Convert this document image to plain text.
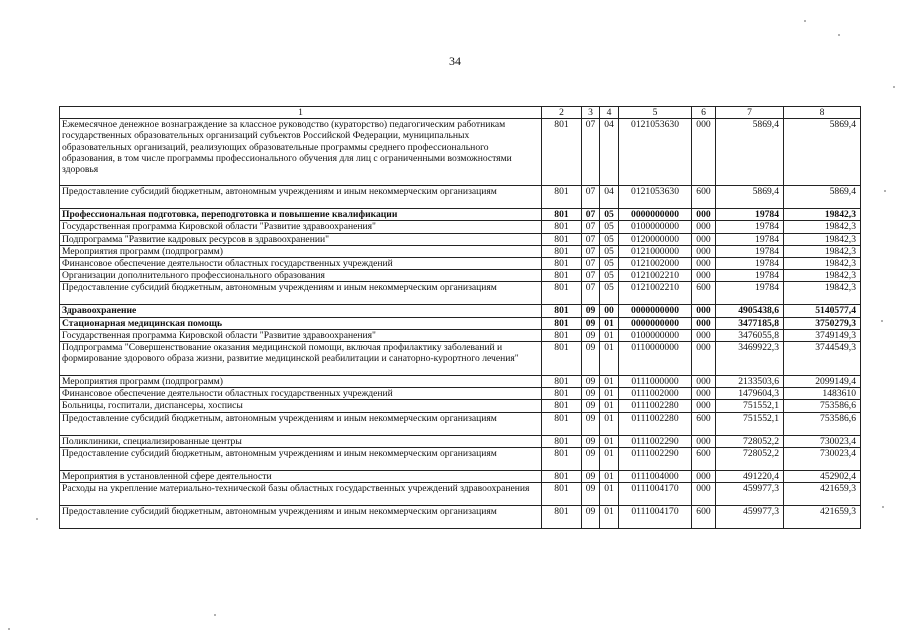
34
1	2	3	4	5	6	7	8
Ежемесячное денежное вознаграждение за классное руководство (кураторство) педагогическим работникам государственных образовательных организаций субъектов Российской Федерации, муниципальных образовательных организаций, реализующих образовательные программы среднего профессионального образования, в том числе программы профессионального обучения для лиц с ограниченными возможностями здоровья	801	07	04	0121053630	000	5869,4	5869,4
Предоставление субсидий бюджетным, автономным учреждениям и иным некоммерческим организациям	801	07	04	0121053630	600	5869,4	5869,4
Профессиональная подготовка, переподготовка и повышение квалификации	801	07	05	0000000000	000	19784	19842,3
Государственная программа Кировской области "Развитие здравоохранения"	801	07	05	0100000000	000	19784	19842,3
Подпрограмма "Развитие кадровых ресурсов в здравоохранении"	801	07	05	0120000000	000	19784	19842,3
Мероприятия программ (подпрограмм)	801	07	05	0121000000	000	19784	19842,3
Финансовое обеспечение деятельности областных государственных учреждений	801	07	05	0121002000	000	19784	19842,3
Организации дополнительного профессионального образования	801	07	05	0121002210	000	19784	19842,3
Предоставление субсидий бюджетным, автономным учреждениям и иным некоммерческим организациям	801	07	05	0121002210	600	19784	19842,3
Здравоохранение	801	09	00	0000000000	000	4905438,6	5140577,4
Стационарная медицинская помощь	801	09	01	0000000000	000	3477185,8	3750279,3
Государственная программа Кировской области "Развитие здравоохранения"	801	09	01	0100000000	000	3476055,8	3749149,3
Подпрограмма "Совершенствование оказания медицинской помощи, включая профилактику заболеваний и формирование здорового образа жизни, развитие медицинской реабилитации и санаторно-курортного лечения"	801	09	01	0110000000	000	3469922,3	3744549,3
Мероприятия программ (подпрограмм)	801	09	01	0111000000	000	2133503,6	2099149,4
Финансовое обеспечение деятельности областных государственных учреждений	801	09	01	0111002000	000	1479604,3	1483610
Больницы, госпитали, диспансеры, хосписы	801	09	01	0111002280	000	751552,1	753586,6
Предоставление субсидий бюджетным, автономным учреждениям и иным некоммерческим организациям	801	09	01	0111002280	600	751552,1	753586,6
Поликлиники, специализированные центры	801	09	01	0111002290	000	728052,2	730023,4
Предоставление субсидий бюджетным, автономным учреждениям и иным некоммерческим организациям	801	09	01	0111002290	600	728052,2	730023,4
Мероприятия в установленной сфере деятельности	801	09	01	0111004000	000	491220,4	452902,4
Расходы на укрепление материально-технической базы областных государственных учреждений здравоохранения	801	09	01	0111004170	000	459977,3	421659,3
Предоставление субсидий бюджетным, автономным учреждениям и иным некоммерческим организациям	801	09	01	0111004170	600	459977,3	421659,3
